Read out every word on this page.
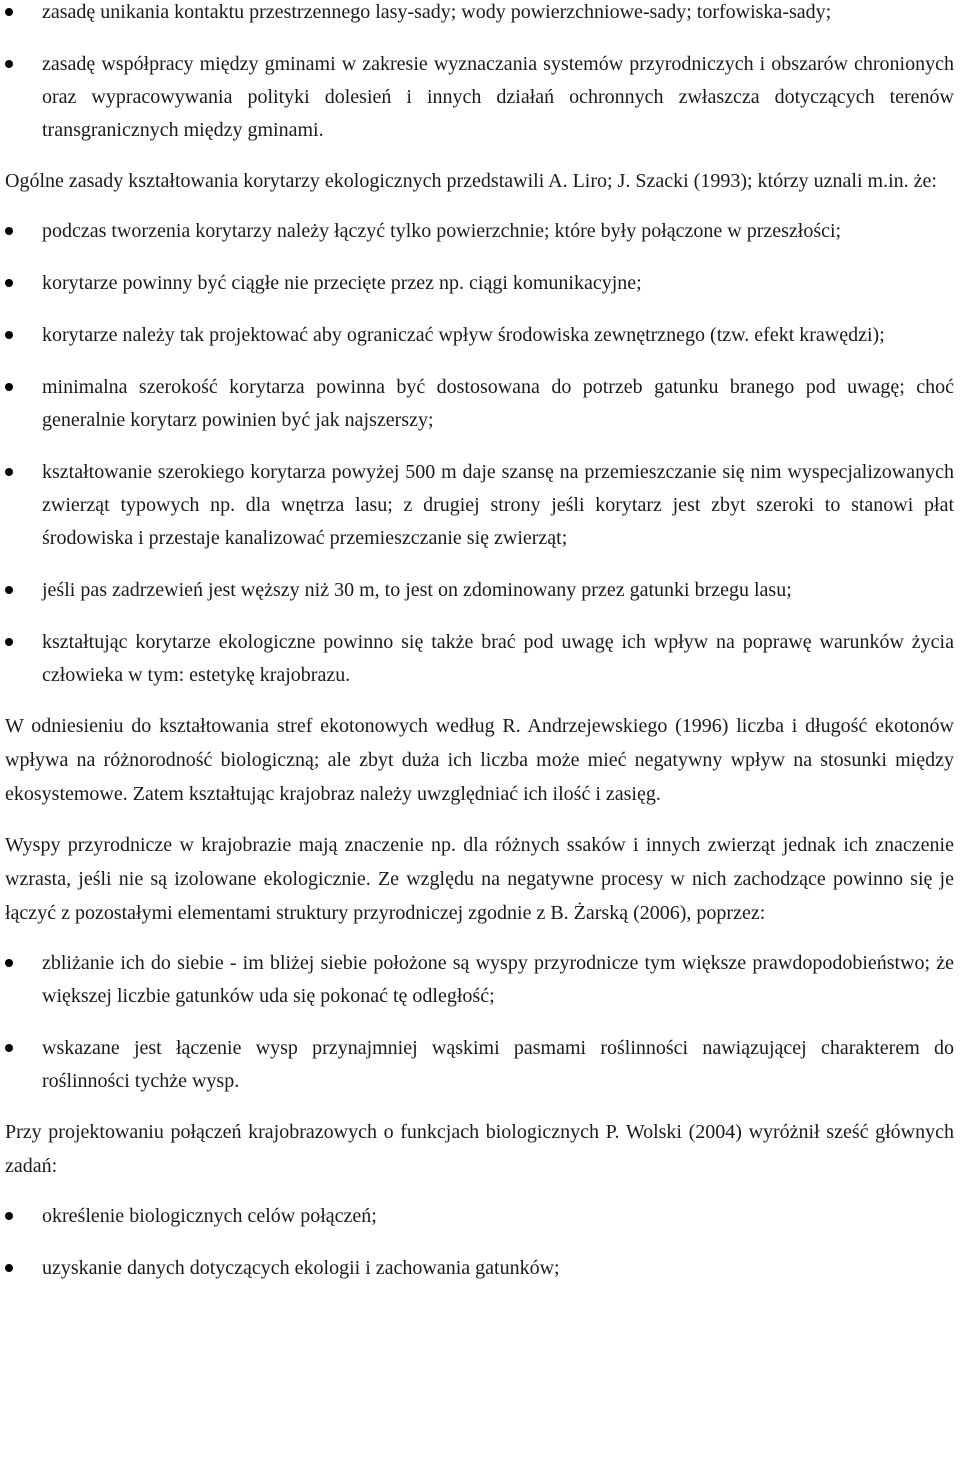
zasadę unikania kontaktu przestrzennego lasy-sady; wody powierzchniowe-sady; torfowiska-sady;
zasadę współpracy między gminami w zakresie wyznaczania systemów przyrodniczych i obszarów chronionych oraz wypracowywania polityki dolesień i innych działań ochronnych zwłaszcza dotyczących terenów transgranicznych między gminami.
Ogólne zasady kształtowania korytarzy ekologicznych przedstawili A. Liro; J. Szacki (1993); którzy uznali m.in. że:
podczas tworzenia korytarzy należy łączyć tylko powierzchnie; które były połączone w przeszłości;
korytarze powinny być ciągłe nie przecięte przez np. ciągi komunikacyjne;
korytarze należy tak projektować aby ograniczać wpływ środowiska zewnętrznego (tzw. efekt krawędzi);
minimalna szerokość korytarza powinna być dostosowana do potrzeb gatunku branego pod uwagę; choć generalnie korytarz powinien być jak najszerszy;
kształtowanie szerokiego korytarza powyżej 500 m daje szansę na przemieszczanie się nim wyspecjalizowanych zwierząt typowych np. dla wnętrza lasu; z drugiej strony jeśli korytarz jest zbyt szeroki to stanowi płat środowiska i przestaje kanalizować przemieszczanie się zwierząt;
jeśli pas zadrzewień jest węższy niż 30 m, to jest on zdominowany przez gatunki brzegu lasu;
kształtując korytarze ekologiczne powinno się także brać pod uwagę ich wpływ na poprawę warunków życia człowieka w tym: estetykę krajobrazu.
W odniesieniu do kształtowania stref ekotonowych według R. Andrzejewskiego (1996) liczba i długość ekotonów wpływa na różnorodność biologiczną; ale zbyt duża ich liczba może mieć negatywny wpływ na stosunki między ekosystemowe. Zatem kształtując krajobraz należy uwzględniać ich ilość i zasięg.
Wyspy przyrodnicze w krajobrazie mają znaczenie np. dla różnych ssaków i innych zwierząt jednak ich znaczenie wzrasta, jeśli nie są izolowane ekologicznie. Ze względu na negatywne procesy w nich zachodzące powinno się je łączyć z pozostałymi elementami struktury przyrodniczej zgodnie z B. Żarską (2006), poprzez:
zbliżanie ich do siebie - im bliżej siebie położone są wyspy przyrodnicze tym większe prawdopodobieństwo; że większej liczbie gatunków uda się pokonać tę odległość;
wskazane jest łączenie wysp przynajmniej wąskimi pasmami roślinności nawiązującej charakterem do roślinności tychże wysp.
Przy projektowaniu połączeń krajobrazowych o funkcjach biologicznych P. Wolski (2004) wyróżnił sześć głównych zadań:
określenie biologicznych celów połączeń;
uzyskanie danych dotyczących ekologii i zachowania gatunków;
